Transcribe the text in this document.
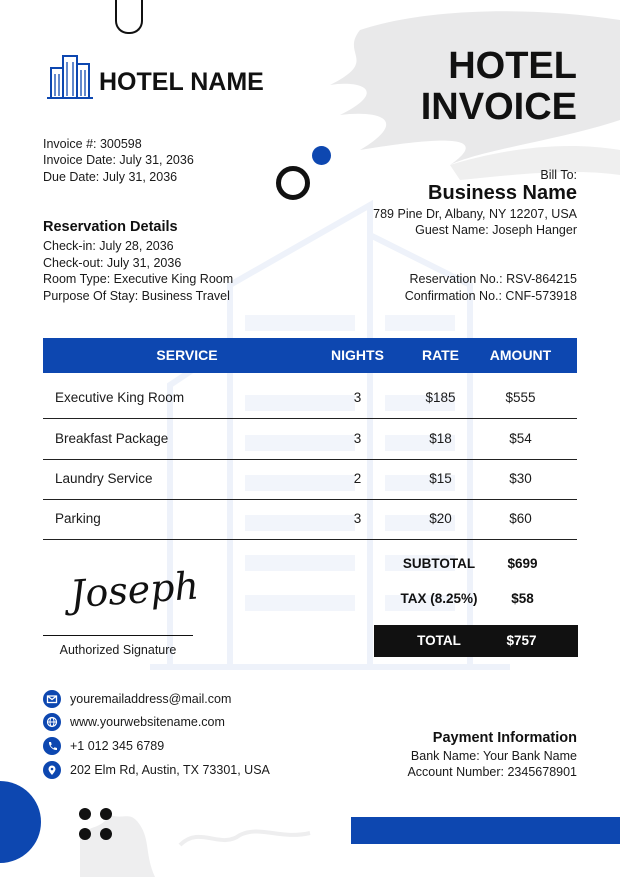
HOTEL NAME	HOTEL
INVOICE
Invoice #: 300598
Invoice Date: July 31, 2036
Due Date: July 31, 2036	Bill To:
Business Name
789 Pine Dr, Albany, NY 12207, USA
Guest Name: Joseph Hanger
Reservation Details
Check-in: July 28, 2036
Check-out: July 31, 2036
Room Type: Executive King Room
Purpose Of Stay: Business Travel
Reservation No.: RSV-864215
Confirmation No.: CNF-573918
SERVICE	NIGHTS	RATE	AMOUNT
Executive King Room	3	$185	$555
Breakfast Package	3	$18	$54
Laundry Service	2	$15	$30
Parking	3	$20	$60
SUBTOTAL	$699
TAX (8.25%)	$58
TOTAL	$757
Joseph
Authorized Signature
youremailaddress@mail.com
www.yourwebsitename.com
+1 012 345 6789
202 Elm Rd, Austin, TX 73301, USA
Payment Information
Bank Name: Your Bank Name
Account Number: 2345678901
